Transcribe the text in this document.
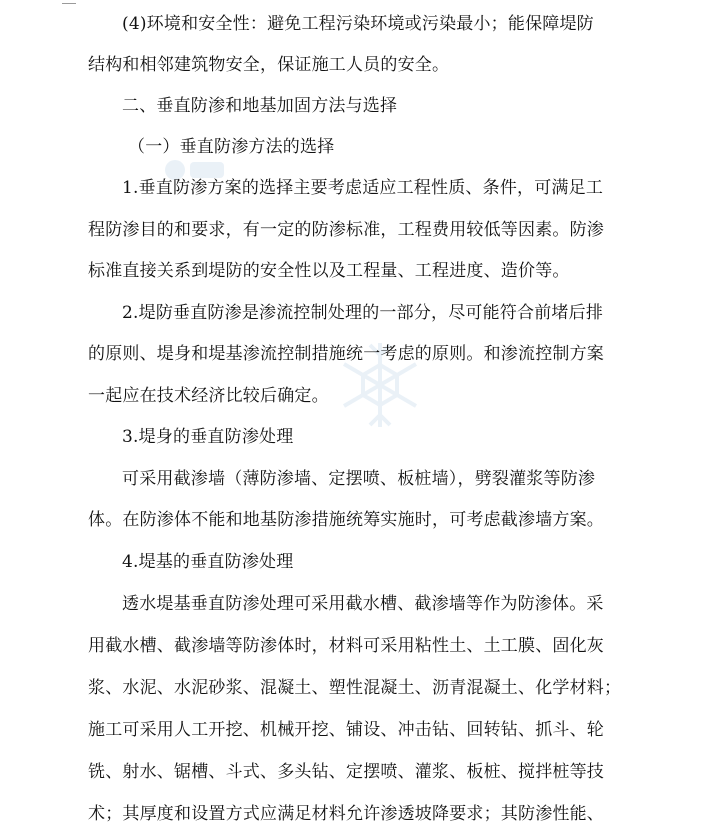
(4)环境和安全性：避免工程污染环境或污染最小；能保障堤防
结构和相邻建筑物安全，保证施工人员的安全。
二、垂直防渗和地基加固方法与选择
（一）垂直防渗方法的选择
1.垂直防渗方案的选择主要考虑适应工程性质、条件，可满足工
程防渗目的和要求，有一定的防渗标准，工程费用较低等因素。防渗
标准直接关系到堤防的安全性以及工程量、工程进度、造价等。
2.堤防垂直防渗是渗流控制处理的一部分，尽可能符合前堵后排
的原则、堤身和堤基渗流控制措施统一考虑的原则。和渗流控制方案
一起应在技术经济比较后确定。
3.堤身的垂直防渗处理
可采用截渗墙（薄防渗墙、定摆喷、板桩墙），劈裂灌浆等防渗
体。在防渗体不能和地基防渗措施统筹实施时，可考虑截渗墙方案。
4.堤基的垂直防渗处理
透水堤基垂直防渗处理可采用截水槽、截渗墙等作为防渗体。采
用截水槽、截渗墙等防渗体时，材料可采用粘性土、土工膜、固化灰
浆、水泥、水泥砂浆、混凝土、塑性混凝土、沥青混凝土、化学材料；
施工可采用人工开挖、机械开挖、铺设、冲击钻、回转钻、抓斗、轮
铣、射水、锯槽、斗式、多头钻、定摆喷、灌浆、板桩、搅拌桩等技
术；其厚度和设置方式应满足材料允许渗透坡降要求；其防渗性能、
